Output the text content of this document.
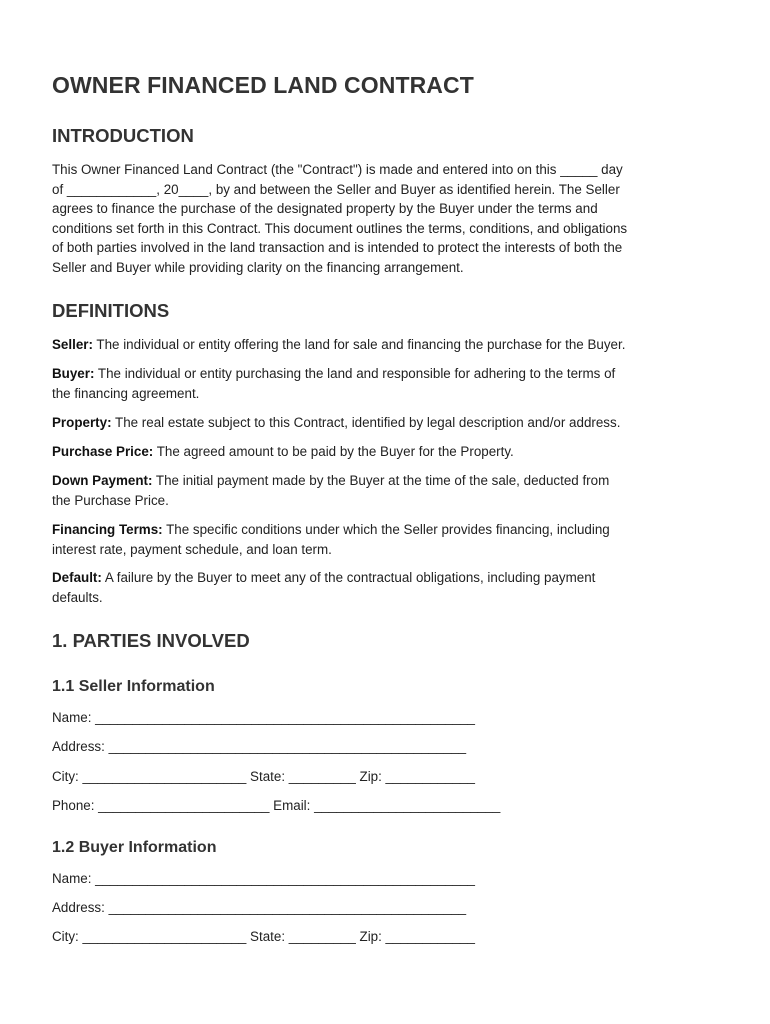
OWNER FINANCED LAND CONTRACT
INTRODUCTION
This Owner Financed Land Contract (the "Contract") is made and entered into on this _____ day
of ____________, 20____, by and between the Seller and Buyer as identified herein. The Seller
agrees to finance the purchase of the designated property by the Buyer under the terms and
conditions set forth in this Contract. This document outlines the terms, conditions, and obligations
of both parties involved in the land transaction and is intended to protect the interests of both the
Seller and Buyer while providing clarity on the financing arrangement.
DEFINITIONS
Seller: The individual or entity offering the land for sale and financing the purchase for the Buyer.
Buyer: The individual or entity purchasing the land and responsible for adhering to the terms of
the financing agreement.
Property: The real estate subject to this Contract, identified by legal description and/or address.
Purchase Price: The agreed amount to be paid by the Buyer for the Property.
Down Payment: The initial payment made by the Buyer at the time of the sale, deducted from
the Purchase Price.
Financing Terms: The specific conditions under which the Seller provides financing, including
interest rate, payment schedule, and loan term.
Default: A failure by the Buyer to meet any of the contractual obligations, including payment
defaults.
1. PARTIES INVOLVED
1.1 Seller Information
Name: ___________________________________________________
Address: ________________________________________________
City: ______________________ State: _________ Zip: ____________
Phone: _______________________ Email: _________________________
1.2 Buyer Information
Name: ___________________________________________________
Address: ________________________________________________
City: ______________________ State: _________ Zip: ____________
